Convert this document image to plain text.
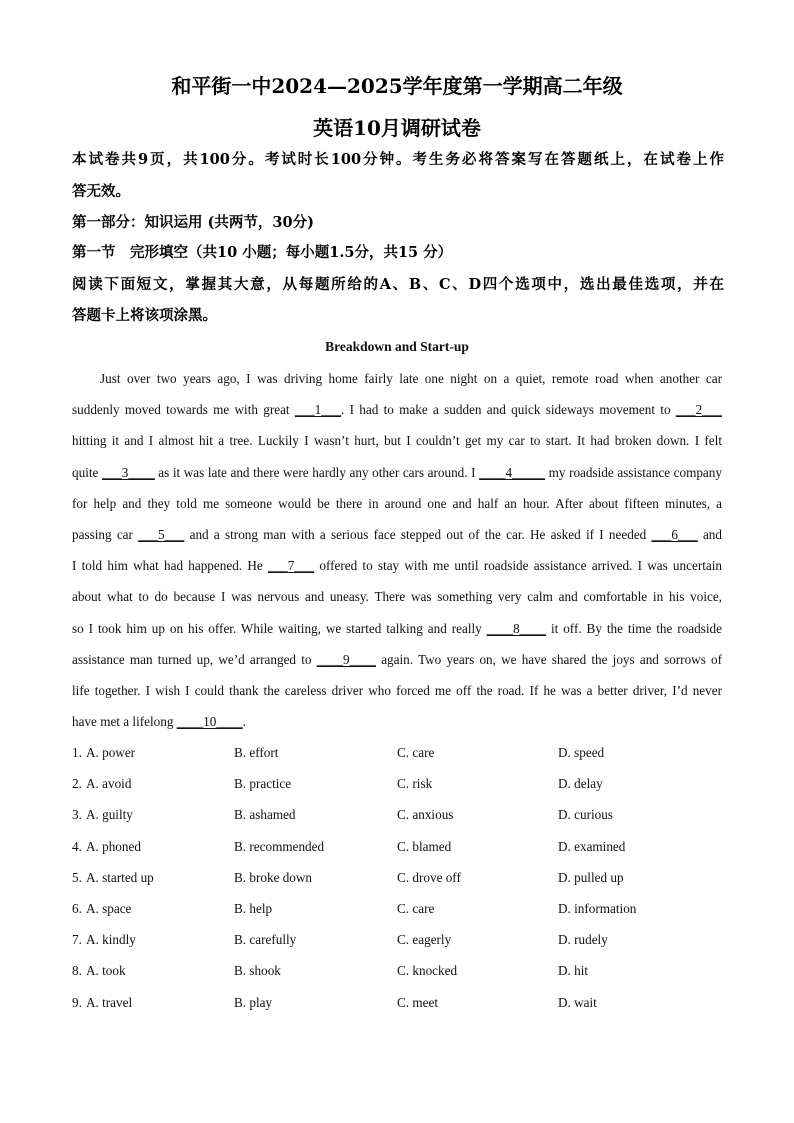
和平街一中2024—2025学年度第一学期高二年级
英语10月调研试卷
本试卷共9页，共100分。考试时长100分钟。考生务必将答案写在答题纸上，在试卷上作
答无效。
第一部分：知识运用 (共两节，30分)
第一节　完形填空（共10 小题；每小题1.5分，共15 分）
阅读下面短文，掌握其大意，从每题所给的A、B、C、D四个选项中，选出最佳选项，并在
答题卡上将该项涂黑。
Breakdown and Start-up
Just over two years ago, I was driving home fairly late one night on a quiet, remote road when another car
suddenly moved towards me with great ___1___. I had to make a sudden and quick sideways movement to ___2___
hitting it and I almost hit a tree. Luckily I wasn’t hurt, but I couldn’t get my car to start. It had broken down. I felt
quite ___3____ as it was late and there were hardly any other cars around. I ____4_____ my roadside assistance company
for help and they told me someone would be there in around one and half an hour. After about fifteen minutes, a
passing car ___5___ and a strong man with a serious face stepped out of the car. He asked if I needed ___6___ and
I told him what had happened. He ___7___ offered to stay with me until roadside assistance arrived. I was uncertain
about what to do because I was nervous and uneasy. There was something very calm and comfortable in his voice,
so I took him up on his offer. While waiting, we started talking and really ____8____ it off. By the time the roadside
assistance man turned up, we’d arranged to ____9____ again. Two years on, we have shared the joys and sorrows of
life together. I wish I could thank the careless driver who forced me off the road. If he was a better driver, I’d never
have met a lifelong ____10____.
1. A. power	B. effort	C. care	D. speed
2. A. avoid	B. practice	C. risk	D. delay
3. A. guilty	B. ashamed	C. anxious	D. curious
4. A. phoned	B. recommended	C. blamed	D. examined
5. A. started up	B. broke down	C. drove off	D. pulled up
6. A. space	B. help	C. care	D. information
7. A. kindly	B. carefully	C. eagerly	D. rudely
8. A. took	B. shook	C. knocked	D. hit
9. A. travel	B. play	C. meet	D. wait
